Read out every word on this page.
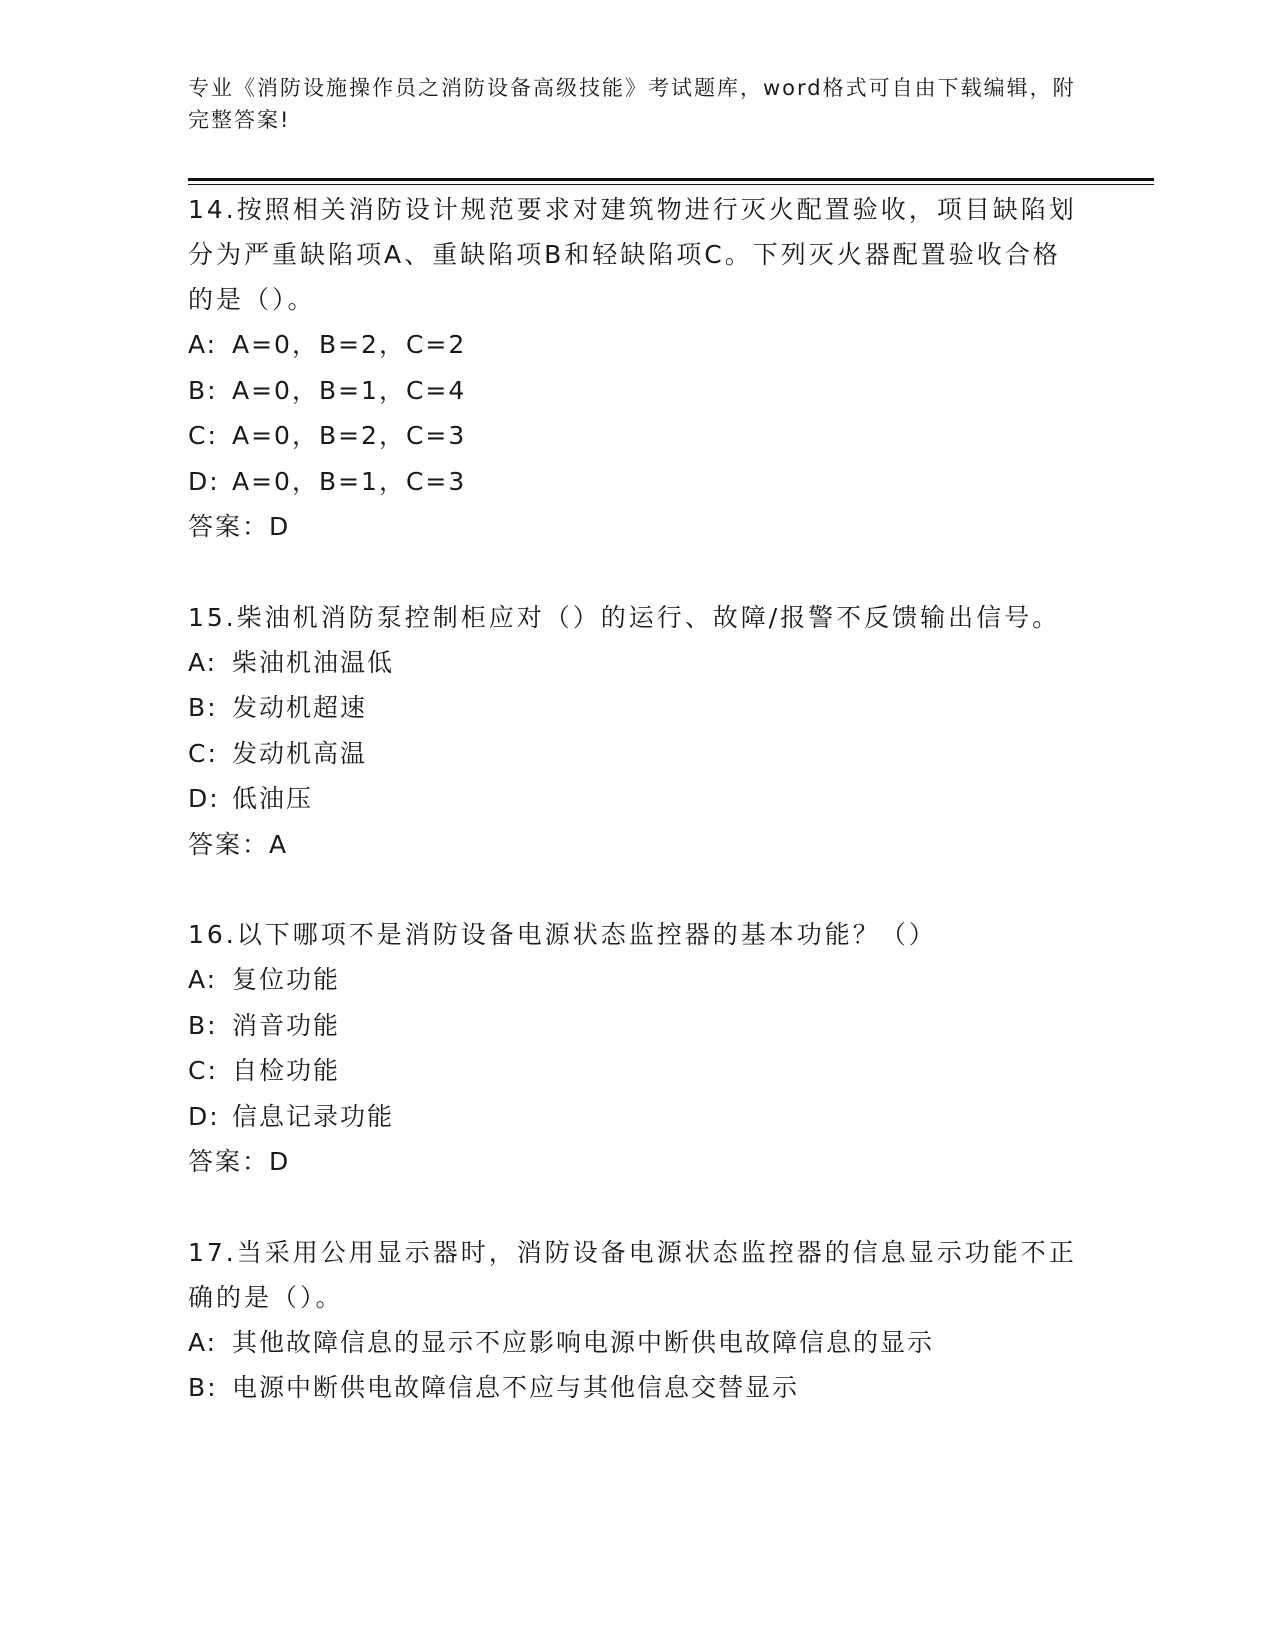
专业《消防设施操作员之消防设备高级技能》考试题库，word格式可自由下载编辑，附完整答案!
14.按照相关消防设计规范要求对建筑物进行灭火配置验收，项目缺陷划分为严重缺陷项A、重缺陷项B和轻缺陷项C。下列灭火器配置验收合格的是（）。
A: A=0，B=2，C=2
B: A=0，B=1，C=4
C: A=0，B=2，C=3
D: A=0，B=1，C=3
答案：D
15.柴油机消防泵控制柜应对（）的运行、故障/报警不反馈输出信号。
A: 柴油机油温低
B: 发动机超速
C: 发动机高温
D: 低油压
答案：A
16.以下哪项不是消防设备电源状态监控器的基本功能？（）
A: 复位功能
B: 消音功能
C: 自检功能
D: 信息记录功能
答案：D
17.当采用公用显示器时，消防设备电源状态监控器的信息显示功能不正确的是（）。
A: 其他故障信息的显示不应影响电源中断供电故障信息的显示
B: 电源中断供电故障信息不应与其他信息交替显示
